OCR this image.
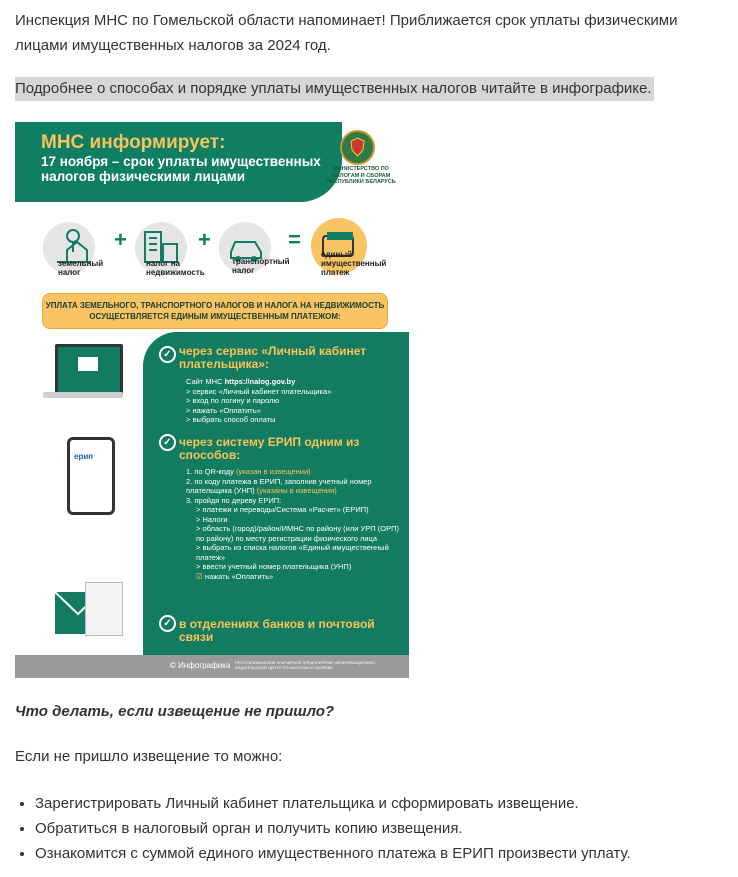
Инспекция МНС по Гомельской области напоминает! Приближается срок уплаты физическими лицами имущественных налогов за 2024 год.

Подробнее о способах и порядке уплаты имущественных налогов читайте в инфографике.
МНС информирует:
17 ноября – срок уплаты имущественных налогов физическими лицами	МИНИСТЕРСТВО ПО НАЛОГАМ И СБОРАМ РЕСПУБЛИКИ БЕЛАРУСЬ
земельный налог
+
налог на недвижимость
+
транспортный налог
=
единый имущественный платеж
УПЛАТА ЗЕМЕЛЬНОГО, ТРАНСПОРТНОГО НАЛОГОВ И НАЛОГА НА НЕДВИЖИМОСТЬ ОСУЩЕСТВЛЯЕТСЯ ЕДИНЫМ ИМУЩЕСТВЕННЫМ ПЛАТЕЖОМ:
ерип
✓ через сервис «Личный кабинет плательщика»:
Сайт МНС https://nalog.gov.by
> сервис «Личный кабинет плательщика»
> вход по логину и паролю
> нажать «Оплатить»
> выбрать способ оплаты
✓ через систему ЕРИП одним из способов:
1. по QR-коду (указан в извещении)
2. по коду платежа в ЕРИП, заполнив учетный номер плательщика (УНП) (указаны в извещении)
3. пройдя по дереву ЕРИП:
> платежи и переводы/Система «Расчет» (ЕРИП)
> Налоги
> область (город)/район/ИМНС по району (или УРП (ОРП) по району) по месту регистрации физического лица
> выбрать из списка налогов «Единый имущественный платеж»
> ввести учетный номер плательщика (УНП)
☑ нажать «Оплатить»
✓ в отделениях банков и почтовой связи
© Инфографика РЕСПУБЛИКАНСКОЕ УНИТАРНОЕ ПРЕДПРИЯТИЕ «ИНФОРМАЦИОННО-ИЗДАТЕЛЬСКИЙ ЦЕНТР ПО НАЛОГАМ И СБОРАМ»
Что делать, если извещение не пришло?
Если не пришло извещение то можно:
• Зарегистрировать Личный кабинет плательщика и сформировать извещение.
• Обратиться в налоговый орган и получить копию извещения.
• Ознакомится с суммой единого имущественного платежа в ЕРИП произвести уплату.
